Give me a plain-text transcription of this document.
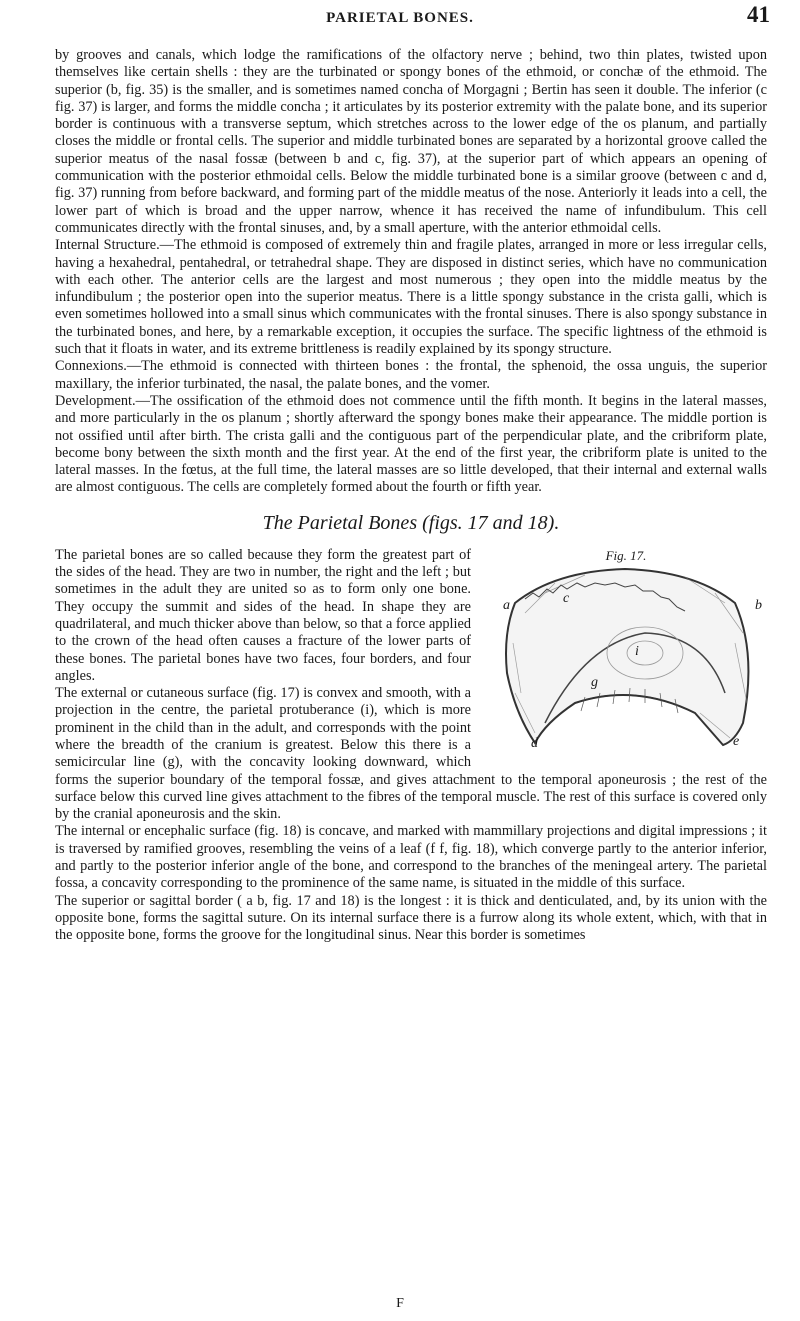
PARIETAL BONES.	41

by grooves and canals, which lodge the ramifications of the olfactory nerve ; behind, two thin plates, twisted upon themselves like certain shells : they are the turbinated or spongy bones of the ethmoid, or conchæ of the ethmoid. The superior (b, fig. 35) is the smaller, and is sometimes named concha of Morgagni ; Bertin has seen it double. The inferior (c fig. 37) is larger, and forms the middle concha ; it articulates by its posterior extremity with the palate bone, and its superior border is continuous with a transverse septum, which stretches across to the lower edge of the os planum, and partially closes the middle or frontal cells. The superior and middle turbinated bones are separated by a horizontal groove called the superior meatus of the nasal fossæ (between b and c, fig. 37), at the superior part of which appears an opening of communication with the posterior ethmoidal cells. Below the middle turbinated bone is a similar groove (between c and d, fig. 37) running from before backward, and forming part of the middle meatus of the nose. Anteriorly it leads into a cell, the lower part of which is broad and the upper narrow, whence it has received the name of infundibulum. This cell communicates directly with the frontal sinuses, and, by a small aperture, with the anterior ethmoidal cells.

Internal Structure.—The ethmoid is composed of extremely thin and fragile plates, arranged in more or less irregular cells, having a hexahedral, pentahedral, or tetrahedral shape. They are disposed in distinct series, which have no communication with each other. The anterior cells are the largest and most numerous ; they open into the middle meatus by the infundibulum ; the posterior open into the superior meatus. There is a little spongy substance in the crista galli, which is even sometimes hollowed into a small sinus which communicates with the frontal sinuses. There is also spongy substance in the turbinated bones, and here, by a remarkable exception, it occupies the surface. The specific lightness of the ethmoid is such that it floats in water, and its extreme brittleness is readily explained by its spongy structure.

Connexions.—The ethmoid is connected with thirteen bones : the frontal, the sphenoid, the ossa unguis, the superior maxillary, the inferior turbinated, the nasal, the palate bones, and the vomer.

Development.—The ossification of the ethmoid does not commence until the fifth month. It begins in the lateral masses, and more particularly in the os planum ; shortly afterward the spongy bones make their appearance. The middle portion is not ossified until after birth. The crista galli and the contiguous part of the perpendicular plate, and the cribriform plate, become bony between the sixth month and the first year. At the end of the first year, the cribriform plate is united to the lateral masses. In the fœtus, at the full time, the lateral masses are so little developed, that their internal and external walls are almost contiguous. The cells are completely formed about the fourth or fifth year.

The Parietal Bones (figs. 17 and 18).

Fig. 17.
a	c	b
i
g
d	e
The parietal bones are so called because they form the greatest part of the sides of the head. They are two in number, the right and the left ; but sometimes in the adult they are united so as to form only one bone. They occupy the summit and sides of the head. In shape they are quadrilateral, and much thicker above than below, so that a force applied to the crown of the head often causes a fracture of the lower parts of these bones. The parietal bones have two faces, four borders, and four angles.
The external or cutaneous surface (fig. 17) is convex and smooth, with a projection in the centre, the parietal protuberance (i), which is more prominent in the child than in the adult, and corresponds with the point where the breadth of the cranium is greatest. Below this there is a semicircular line (g), with the concavity looking downward, which forms the superior boundary of the temporal fossæ, and gives attachment to the temporal aponeurosis ; the rest of the surface below this curved line gives attachment to the fibres of the temporal muscle. The rest of this surface is covered only by the cranial aponeurosis and the skin.

The internal or encephalic surface (fig. 18) is concave, and marked with mammillary projections and digital impressions ; it is traversed by ramified grooves, resembling the veins of a leaf (f f, fig. 18), which converge partly to the anterior inferior, and partly to the posterior inferior angle of the bone, and correspond to the branches of the meningeal artery. The parietal fossa, a concavity corresponding to the prominence of the same name, is situated in the middle of this surface.

The superior or sagittal border ( a b, fig. 17 and 18) is the longest : it is thick and denticulated, and, by its union with the opposite bone, forms the sagittal suture. On its internal surface there is a furrow along its whole extent, which, with that in the opposite bone, forms the groove for the longitudinal sinus. Near this border is sometimes

F
